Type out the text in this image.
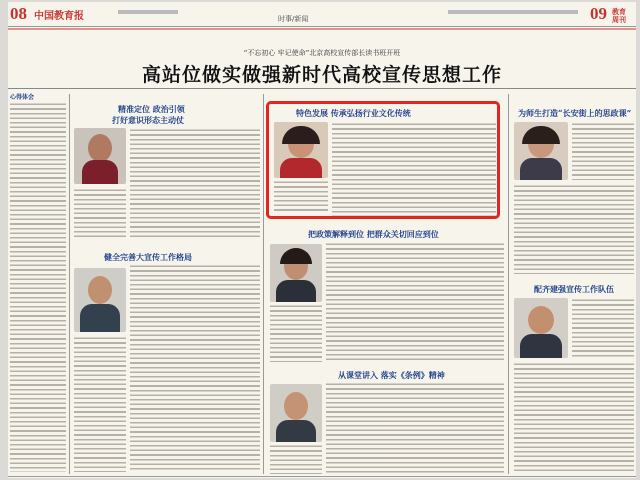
08 中国教育报	时事/新闻	09 教育周刊
“不忘初心 牢记使命”北京高校宣传部长读书班开班
高站位做实做强新时代高校宣传思想工作
心得体会
精准定位 政治引领
打好意识形态主动仗
健全完善大宣传工作格局
特色发展 传承弘扬行业文化传统
把政策解释到位 把群众关切回应到位
从课堂讲入 落实《条例》精神
为师生打造“长安街上的思政课”
配齐建强宣传工作队伍
